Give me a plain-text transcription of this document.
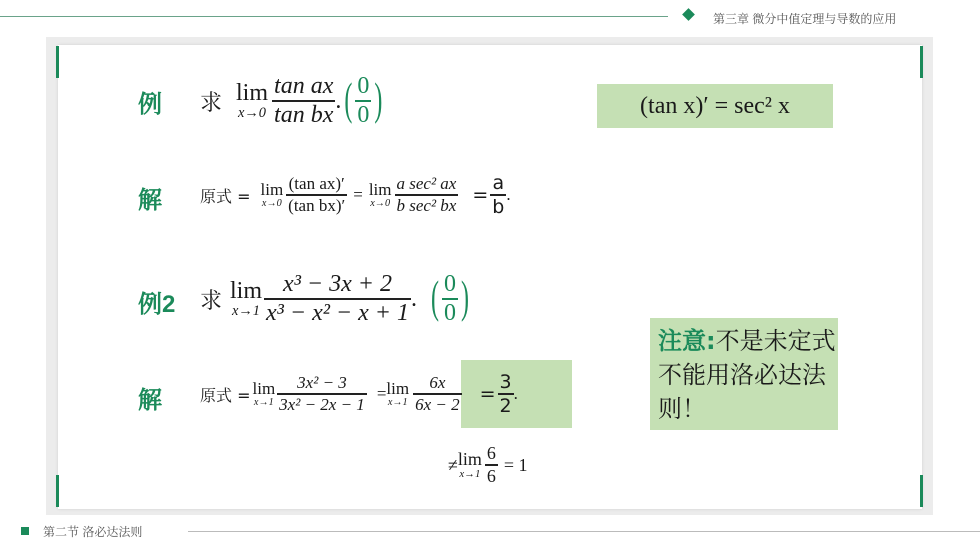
第三章 微分中值定理与导数的应用
例 求 lim
$x\to 0 \frac{\text{tan ax}}{\text{tan bx}}$ . ( $\frac{0}{0}$ )	(tan x)′ = sec² x
解 原式 = lim
$x\to 0 \frac{\text{(tan ax)′}}{\text{(tan bx)′}} = \lim$
$x\to 0 \frac{\text{a sec² ax}}{\text{b sec² bx}} = \frac{a}{b}$ .
例2 求 lim
$x\to 1 \frac{\text{x³ − 3x + 2}}{\text{x³ − x² − x + 1}}$ . ( $\frac{0}{0}$ )
解 原式 = lim
$x\to 1 \frac{\text{3x² − 3}}{\text{3x² − 2x − 1}} = \lim$
$x\to 1 \frac{6x}{6x - 2} = \frac{3}{2}$ .
≠ lim
$x\to 1 \frac{6}{6} = 1$
注意:不是未定式不能用洛必达法则！
第二节 洛必达法则
